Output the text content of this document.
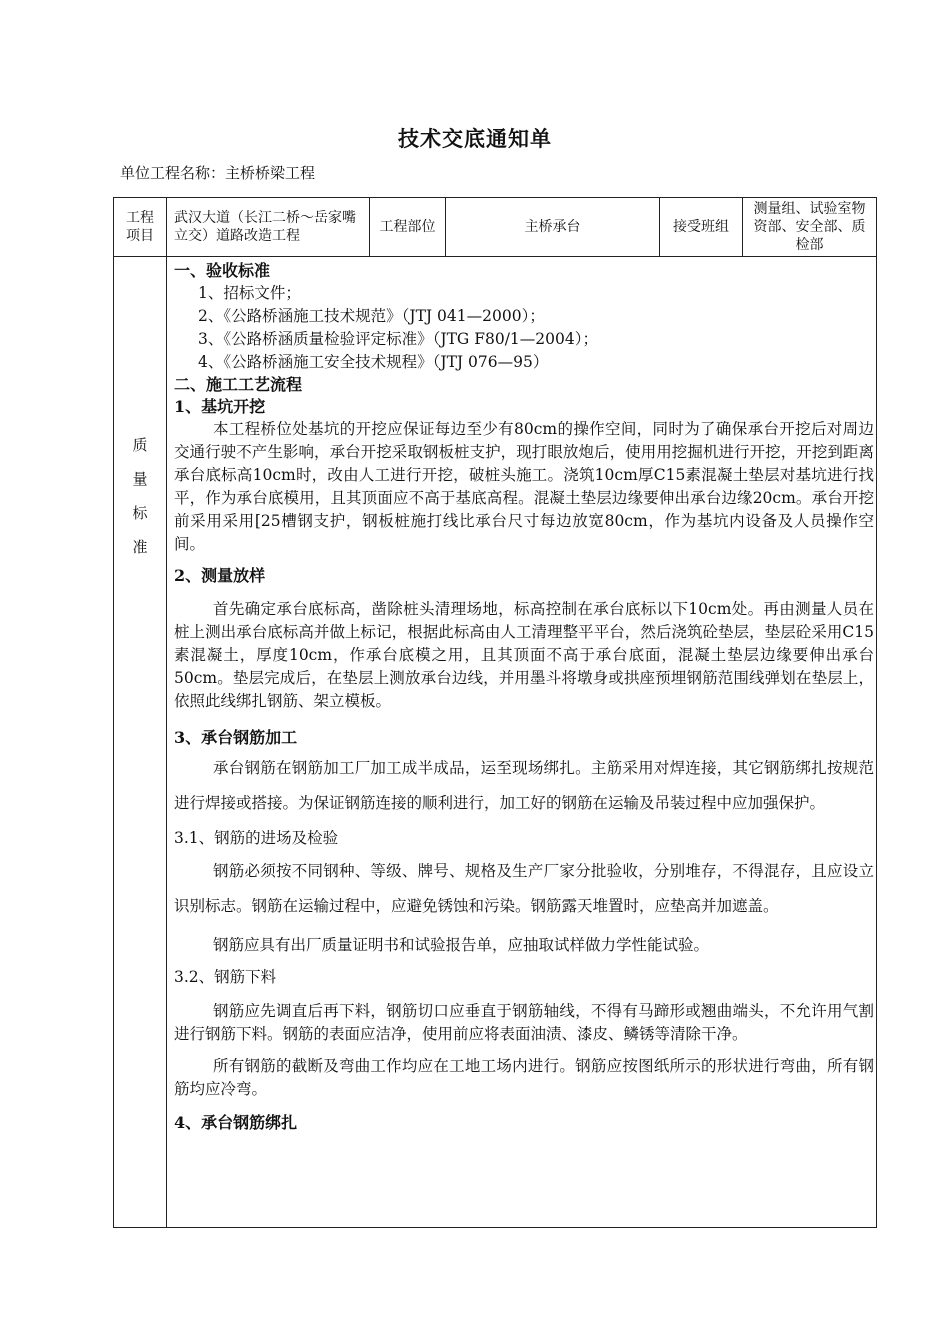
技术交底通知单
单位工程名称：主桥桥梁工程
工程项目
武汉大道（长江二桥～岳家嘴立交）道路改造工程
工程部位	主桥承台	接受班组
测量组、试验室物资部、安全部、质检部
质
量
标
准

一、验收标准

1、招标文件；

2、《公路桥涵施工技术规范》（JTJ 041—2000）；

3、《公路桥涵质量检验评定标准》（JTG F80/1—2004）；

4、《公路桥涵施工安全技术规程》（JTJ 076—95）

二、施工工艺流程

1、基坑开挖

本工程桥位处基坑的开挖应保证每边至少有80cm的操作空间，同时为了确保承台开挖后对周边交通行驶不产生影响，承台开挖采取钢板桩支护，现打眼放炮后，使用用挖掘机进行开挖，开挖到距离承台底标高10cm时，改由人工进行开挖，破桩头施工。浇筑10cm厚C15素混凝土垫层对基坑进行找平，作为承台底模用，且其顶面应不高于基底高程。混凝土垫层边缘要伸出承台边缘20cm。承台开挖前采用采用[25槽钢支护，钢板桩施打线比承台尺寸每边放宽80cm，作为基坑内设备及人员操作空间。

2、测量放样

首先确定承台底标高，凿除桩头清理场地，标高控制在承台底标以下10cm处。再由测量人员在桩上测出承台底标高并做上标记，根据此标高由人工清理整平平台，然后浇筑砼垫层，垫层砼采用C15素混凝土，厚度10cm，作承台底模之用，且其顶面不高于承台底面，混凝土垫层边缘要伸出承台50cm。垫层完成后，在垫层上测放承台边线，并用墨斗将墩身或拱座预埋钢筋范围线弹划在垫层上，依照此线绑扎钢筋、架立模板。

3、承台钢筋加工

承台钢筋在钢筋加工厂加工成半成品，运至现场绑扎。主筋采用对焊连接，其它钢筋绑扎按规范进行焊接或搭接。为保证钢筋连接的顺利进行，加工好的钢筋在运输及吊装过程中应加强保护。

3.1、钢筋的进场及检验

钢筋必须按不同钢种、等级、牌号、规格及生产厂家分批验收，分别堆存，不得混存，且应设立识别标志。钢筋在运输过程中，应避免锈蚀和污染。钢筋露天堆置时，应垫高并加遮盖。

钢筋应具有出厂质量证明书和试验报告单，应抽取试样做力学性能试验。

3.2、钢筋下料

钢筋应先调直后再下料，钢筋切口应垂直于钢筋轴线，不得有马蹄形或翘曲端头，不允许用气割进行钢筋下料。钢筋的表面应洁净，使用前应将表面油渍、漆皮、鳞锈等清除干净。

所有钢筋的截断及弯曲工作均应在工地工场内进行。钢筋应按图纸所示的形状进行弯曲，所有钢筋均应冷弯。

4、承台钢筋绑扎
